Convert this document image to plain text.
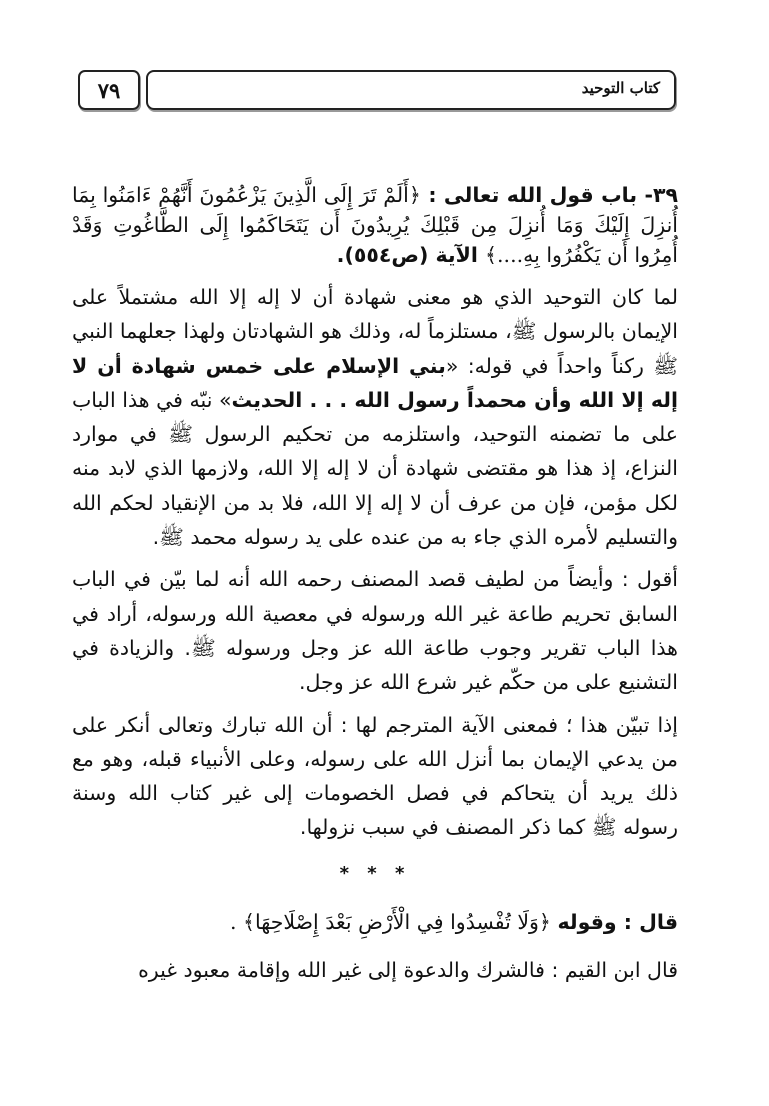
٧٩	كتاب التوحيد
٣٩- باب قول الله تعالى : ﴿أَلَمْ تَرَ إِلَى الَّذِينَ يَزْعُمُونَ أَنَّهُمْ ءَامَنُوا بِمَا أُنزِلَ إِلَيْكَ وَمَا أُنزِلَ مِن قَبْلِكَ يُرِيدُونَ أَن يَتَحَاكَمُوا إِلَى الطَّاغُوتِ وَقَدْ أُمِرُوا أَن يَكْفُرُوا بِهِ....﴾ الآية (ص٥٥٤).

لما كان التوحيد الذي هو معنى شهادة أن لا إله إلا الله مشتملاً على الإيمان بالرسول ﷺ، مستلزماً له، وذلك هو الشهادتان ولهذا جعلهما النبي ﷺ ركناً واحداً في قوله: «بني الإسلام على خمس شهادة أن لا إله إلا الله وأن محمداً رسول الله . . . الحديث» نبّه في هذا الباب على ما تضمنه التوحيد، واستلزمه من تحكيم الرسول ﷺ في موارد النزاع، إذ هذا هو مقتضى شهادة أن لا إله إلا الله، ولازمها الذي لابد منه لكل مؤمن، فإن من عرف أن لا إله إلا الله، فلا بد من الإنقياد لحكم الله والتسليم لأمره الذي جاء به من عنده على يد رسوله محمد ﷺ.

أقول : وأيضاً من لطيف قصد المصنف رحمه الله أنه لما بيّن في الباب السابق تحريم طاعة غير الله ورسوله في معصية الله ورسوله، أراد في هذا الباب تقرير وجوب طاعة الله عز وجل ورسوله ﷺ. والزيادة في التشنيع على من حكّم غير شرع الله عز وجل.

إذا تبيّن هذا ؛ فمعنى الآية المترجم لها : أن الله تبارك وتعالى أنكر على من يدعي الإيمان بما أنزل الله على رسوله، وعلى الأنبياء قبله، وهو مع ذلك يريد أن يتحاكم في فصل الخصومات إلى غير كتاب الله وسنة رسوله ﷺ كما ذكر المصنف في سبب نزولها.

* * *
قال : وقوله ﴿وَلَا تُفْسِدُوا فِي الْأَرْضِ بَعْدَ إِصْلَاحِهَا﴾ .

قال ابن القيم : فالشرك والدعوة إلى غير الله وإقامة معبود غيره
